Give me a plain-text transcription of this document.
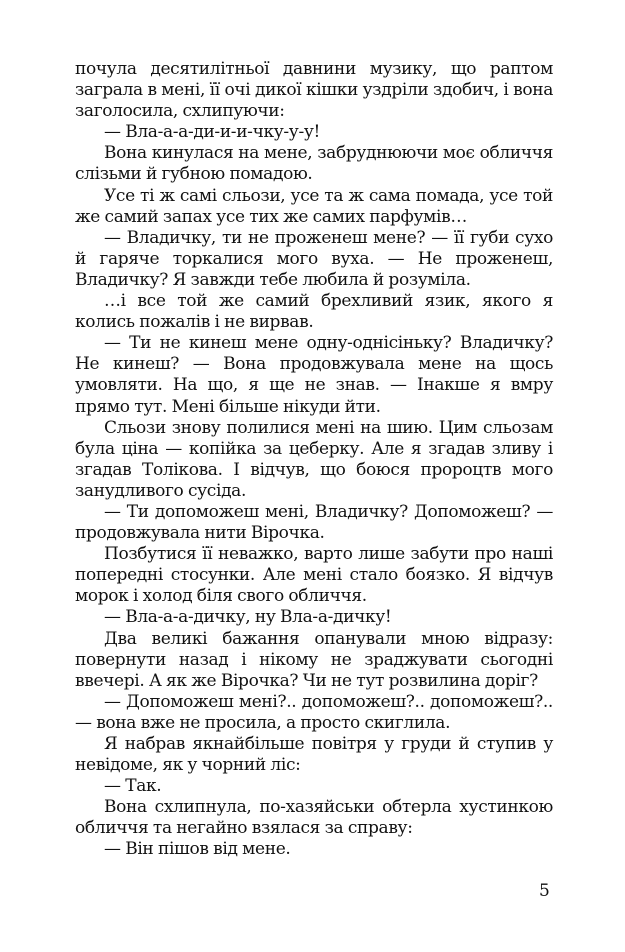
почула десятилітньої давнини музику, що раптом заграла в мені, її очі дикої кішки уздріли здобич, і вона заголосила, схлипуючи:

— Вла-а-а-ди-и-и-чку-у-у!

Вона кинулася на мене, забруднюючи моє обличчя слізьми й губною помадою.

Усе ті ж самі сльози, усе та ж сама помада, усе той же самий запах усе тих же самих парфумів…

— Владичку, ти не проженеш мене? — її губи сухо й гаряче торкалися мого вуха. — Не проженеш, Владичку? Я завжди тебе любила й розуміла.

…і все той же самий брехливий язик, якого я колись пожалів і не вирвав.

— Ти не кинеш мене одну-однісіньку? Владичку? Не кинеш? — Вона продовжувала мене на щось умовляти. На що, я ще не знав. — Інакше я вмру прямо тут. Мені більше нікуди йти.

Сльози знову полилися мені на шию. Цим сльозам була ціна — копійка за цеберку. Але я згадав зливу і згадав Толікова. І відчув, що боюся пророцтв мого занудливого сусіда.

— Ти допоможеш мені, Владичку? Допоможеш? — продовжувала нити Вірочка.

Позбутися її неважко, варто лише забути про наші попередні стосунки. Але мені стало боязко. Я відчув морок і холод біля свого обличчя.

— Вла-а-а-дичку, ну Вла-а-дичку!

Два великі бажання опанували мною відразу: повернути назад і нікому не зраджувати сьогодні ввечері. А як же Вірочка? Чи не тут розвилина доріг?

— Допоможеш мені?.. допоможеш?.. допоможеш?.. — вона вже не просила, а просто скиглила.

Я набрав якнайбільше повітря у груди й ступив у невідоме, як у чорний ліс:

— Так.

Вона схлипнула, по-хазяйськи обтерла хустинкою обличчя та негайно взялася за справу:

— Він пішов від мене.

5
